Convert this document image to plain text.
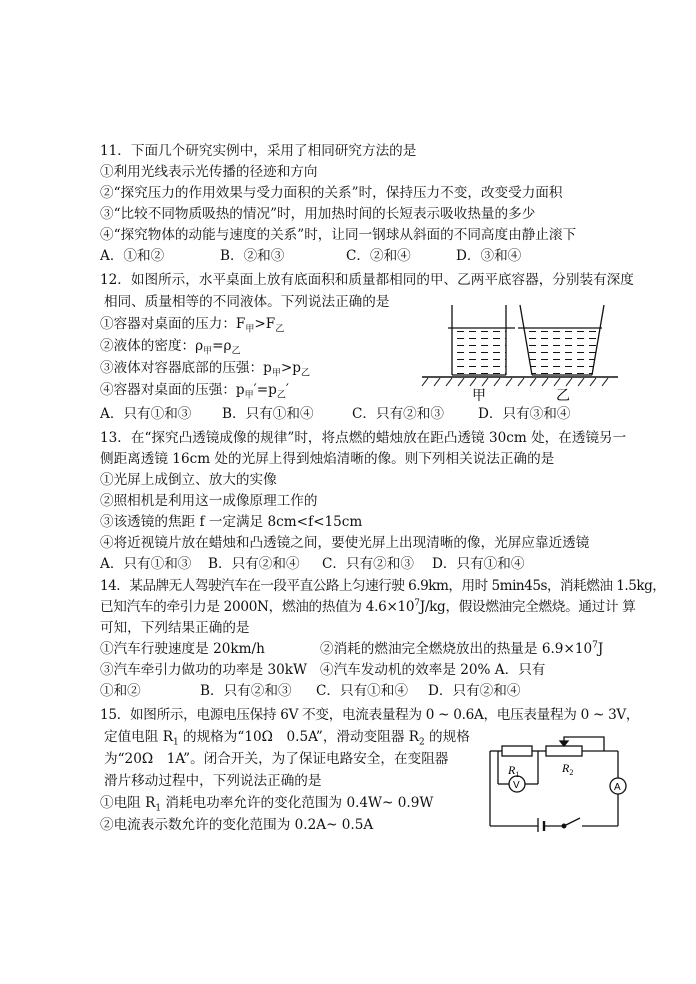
11．下面几个研究实例中，采用了相同研究方法的是
①利用光线表示光传播的径迹和方向
②“探究压力的作用效果与受力面积的关系”时，保持压力不变，改变受力面积
③“比较不同物质吸热的情况”时，用加热时间的长短表示吸收热量的多少
④“探究物体的动能与速度的关系”时，让同一钢球从斜面的不同高度由静止滚下
A．①和②	B．②和③	C．②和④	D．③和④
12．如图所示，水平桌面上放有底面积和质量都相同的甲、乙两平底容器，分别装有深度
相同、质量相等的不同液体。下列说法正确的是
①容器对桌面的压力：$F_甲>F_乙$
②液体的密度：$\rho_甲=\rho_乙$
③液体对容器底部的压强：$p_甲>p_乙$
④容器对桌面的压强：$p_甲'=p_乙'$
A．只有①和③ B．只有①和④	C．只有②和③	D．只有③和④
甲	乙
13．在“探究凸透镜成像的规律”时，将点燃的蜡烛放在距凸透镜 30cm 处，在透镜另一
侧距离透镜 16cm 处的光屏上得到烛焰清晰的像。则下列相关说法正确的是
①光屏上成倒立、放大的实像
②照相机是利用这一成像原理工作的
③该透镜的焦距 f 一定满足 8cm<f<15cm
④将近视镜片放在蜡烛和凸透镜之间，要使光屏上出现清晰的像，光屏应靠近透镜
A．只有①和③ B．只有②和④ C．只有②和③ D．只有①和④
14．某品牌无人驾驶汽车在一段平直公路上匀速行驶 6.9km，用时 5min45s，消耗燃油 1.5kg，
已知汽车的牵引力是 2000N，燃油的热值为 $4.6\times 10^7J/kg$，假设燃油完全燃烧。通过计 算
可知，下列结果正确的是
①汽车行驶速度是 20km/h	②消耗的燃油完全燃烧放出的热量是 $6.9\times 10^7J$
③汽车牵引力做功的功率是 30kW ④汽车发动机的效率是 20% A．只有
①和②	B．只有②和③ C．只有①和④ D．只有②和④
15．如图所示，电源电压保持 6V 不变，电流表量程为 0 ~ 0.6A，电压表量程为 0 ~ 3V，
定值电阻 $R_1$ 的规格为“10Ω　0.5A”，滑动变阻器 $R_2$ 的规格
为“20Ω　1A”。闭合开关，为了保证电路安全，在变阻器
滑片移动过程中，下列说法正确的是
①电阻 $R_1$ 消耗电功率允许的变化范围为 0.4W~ 0.9W
②电流表示数允许的变化范围为 0.2A~ 0.5A
$R_1$	$R_2$
V	A
